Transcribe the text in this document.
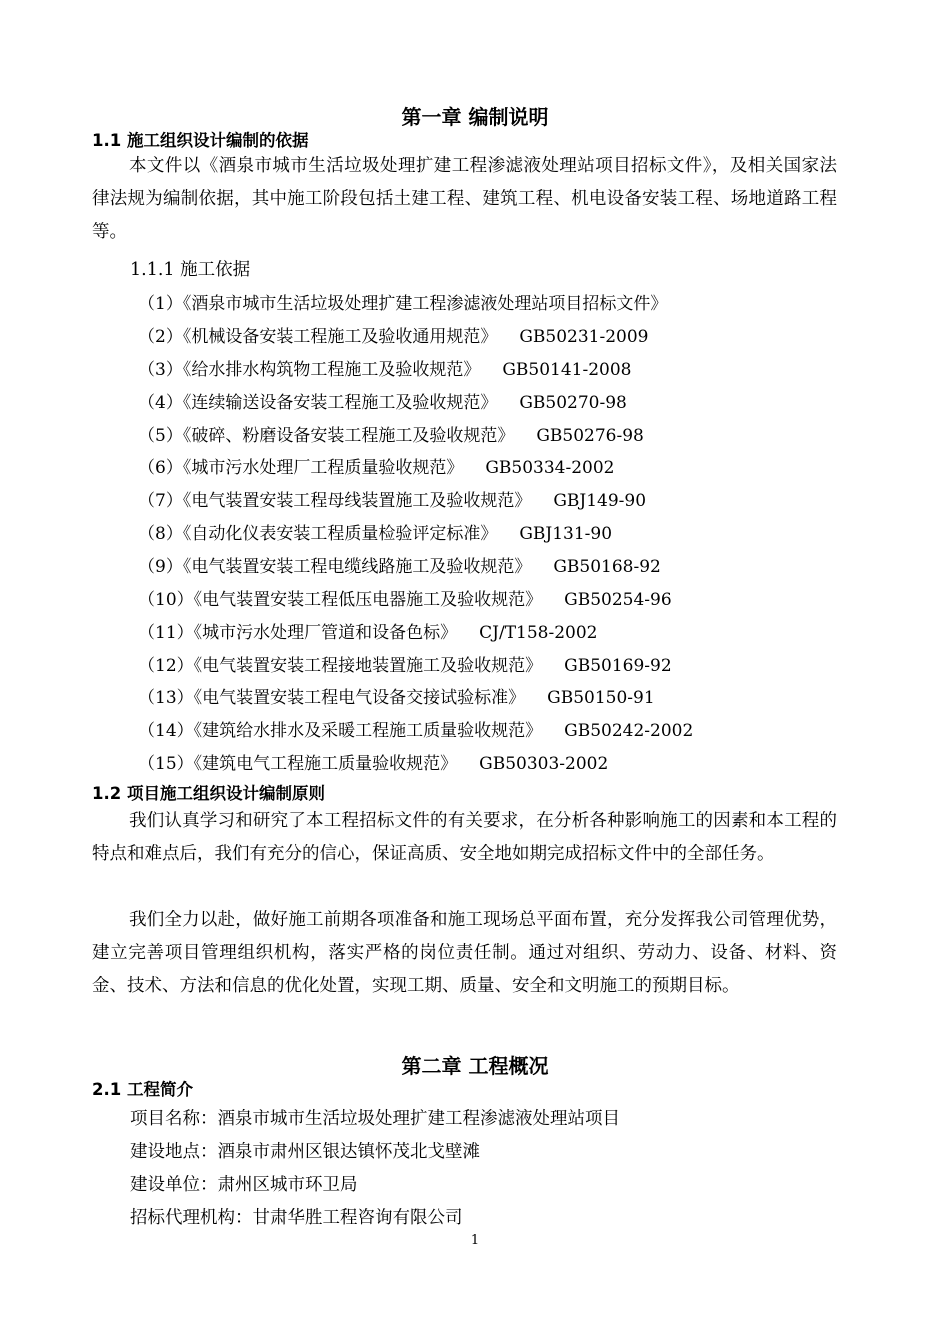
第一章 编制说明
1.1 施工组织设计编制的依据
本文件以《酒泉市城市生活垃圾处理扩建工程渗滤液处理站项目招标文件》，及相关国家法律法规为编制依据，其中施工阶段包括土建工程、建筑工程、机电设备安装工程、场地道路工程等。
1.1.1 施工依据
（1）《酒泉市城市生活垃圾处理扩建工程渗滤液处理站项目招标文件》
（2）《机械设备安装工程施工及验收通用规范》 GB50231-2009
（3）《给水排水构筑物工程施工及验收规范》 GB50141-2008
（4）《连续输送设备安装工程施工及验收规范》 GB50270-98
（5）《破碎、粉磨设备安装工程施工及验收规范》 GB50276-98
（6）《城市污水处理厂工程质量验收规范》 GB50334-2002
（7）《电气装置安装工程母线装置施工及验收规范》 GBJ149-90
（8）《自动化仪表安装工程质量检验评定标准》 GBJ131-90
（9）《电气装置安装工程电缆线路施工及验收规范》 GB50168-92
（10）《电气装置安装工程低压电器施工及验收规范》 GB50254-96
（11）《城市污水处理厂管道和设备色标》 CJ/T158-2002
（12）《电气装置安装工程接地装置施工及验收规范》 GB50169-92
（13）《电气装置安装工程电气设备交接试验标准》 GB50150-91
（14）《建筑给水排水及采暖工程施工质量验收规范》 GB50242-2002
（15）《建筑电气工程施工质量验收规范》 GB50303-2002
1.2 项目施工组织设计编制原则
我们认真学习和研究了本工程招标文件的有关要求，在分析各种影响施工的因素和本工程的特点和难点后，我们有充分的信心，保证高质、安全地如期完成招标文件中的全部任务。
我们全力以赴，做好施工前期各项准备和施工现场总平面布置，充分发挥我公司管理优势，建立完善项目管理组织机构，落实严格的岗位责任制。通过对组织、劳动力、设备、材料、资金、技术、方法和信息的优化处置，实现工期、质量、安全和文明施工的预期目标。
第二章 工程概况
2.1 工程简介
项目名称：酒泉市城市生活垃圾处理扩建工程渗滤液处理站项目
建设地点：酒泉市肃州区银达镇怀茂北戈壁滩
建设单位：肃州区城市环卫局
招标代理机构：甘肃华胜工程咨询有限公司
1
